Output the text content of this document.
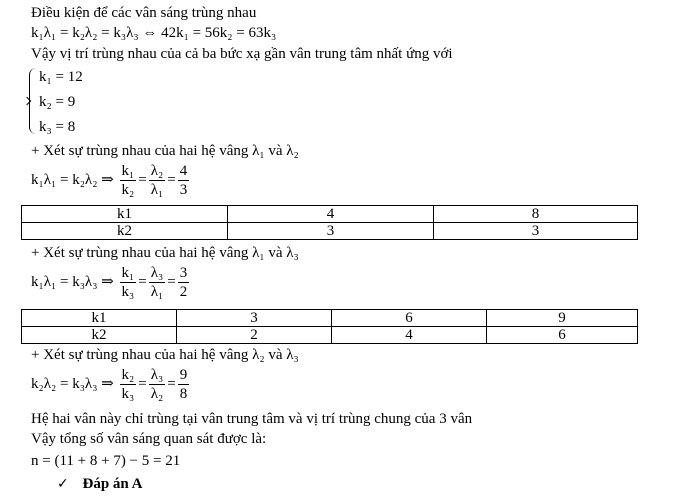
Điều kiện để các vân sáng trùng nhau
k₁λ₁ = k₂λ₂ = k₃λ₃ ⇔ 42k₁ = 56k₂ = 63k₃
Vậy vị trí trùng nhau của cả ba bức xạ gần vân trung tâm nhất ứng với
k₁ = 12
k₂ = 9
k₃ = 8
+ Xét sự trùng nhau của hai hệ vâng λ₁ và λ₂
k₁λ₁ = k₂λ₂ ⇒ $\frac{\text{k₁}}{\text{k₂}} = \frac{\text{λ₂}}{\text{λ₁}} = \frac{4}{3}$
k1	4	8
k2	3	3
+ Xét sự trùng nhau của hai hệ vâng λ₁ và λ₃
k₁λ₁ = k₃λ₃ ⇒ $\frac{\text{k₁}}{\text{k₃}} = \frac{\text{λ₃}}{\text{λ₁}} = \frac{3}{2}$
k1	3	6	9
k2	2	4	6
+ Xét sự trùng nhau của hai hệ vâng λ₂ và λ₃
k₂λ₂ = k₃λ₃ ⇒ $\frac{\text{k₂}}{\text{k₃}} = \frac{\text{λ₃}}{\text{λ₂}} = \frac{9}{8}$
Hệ hai vân này chỉ trùng tại vân trung tâm và vị trí trùng chung của 3 vân
Vậy tổng số vân sáng quan sát được là:
n = (11 + 8 + 7) − 5 = 21
✓ Đáp án A
